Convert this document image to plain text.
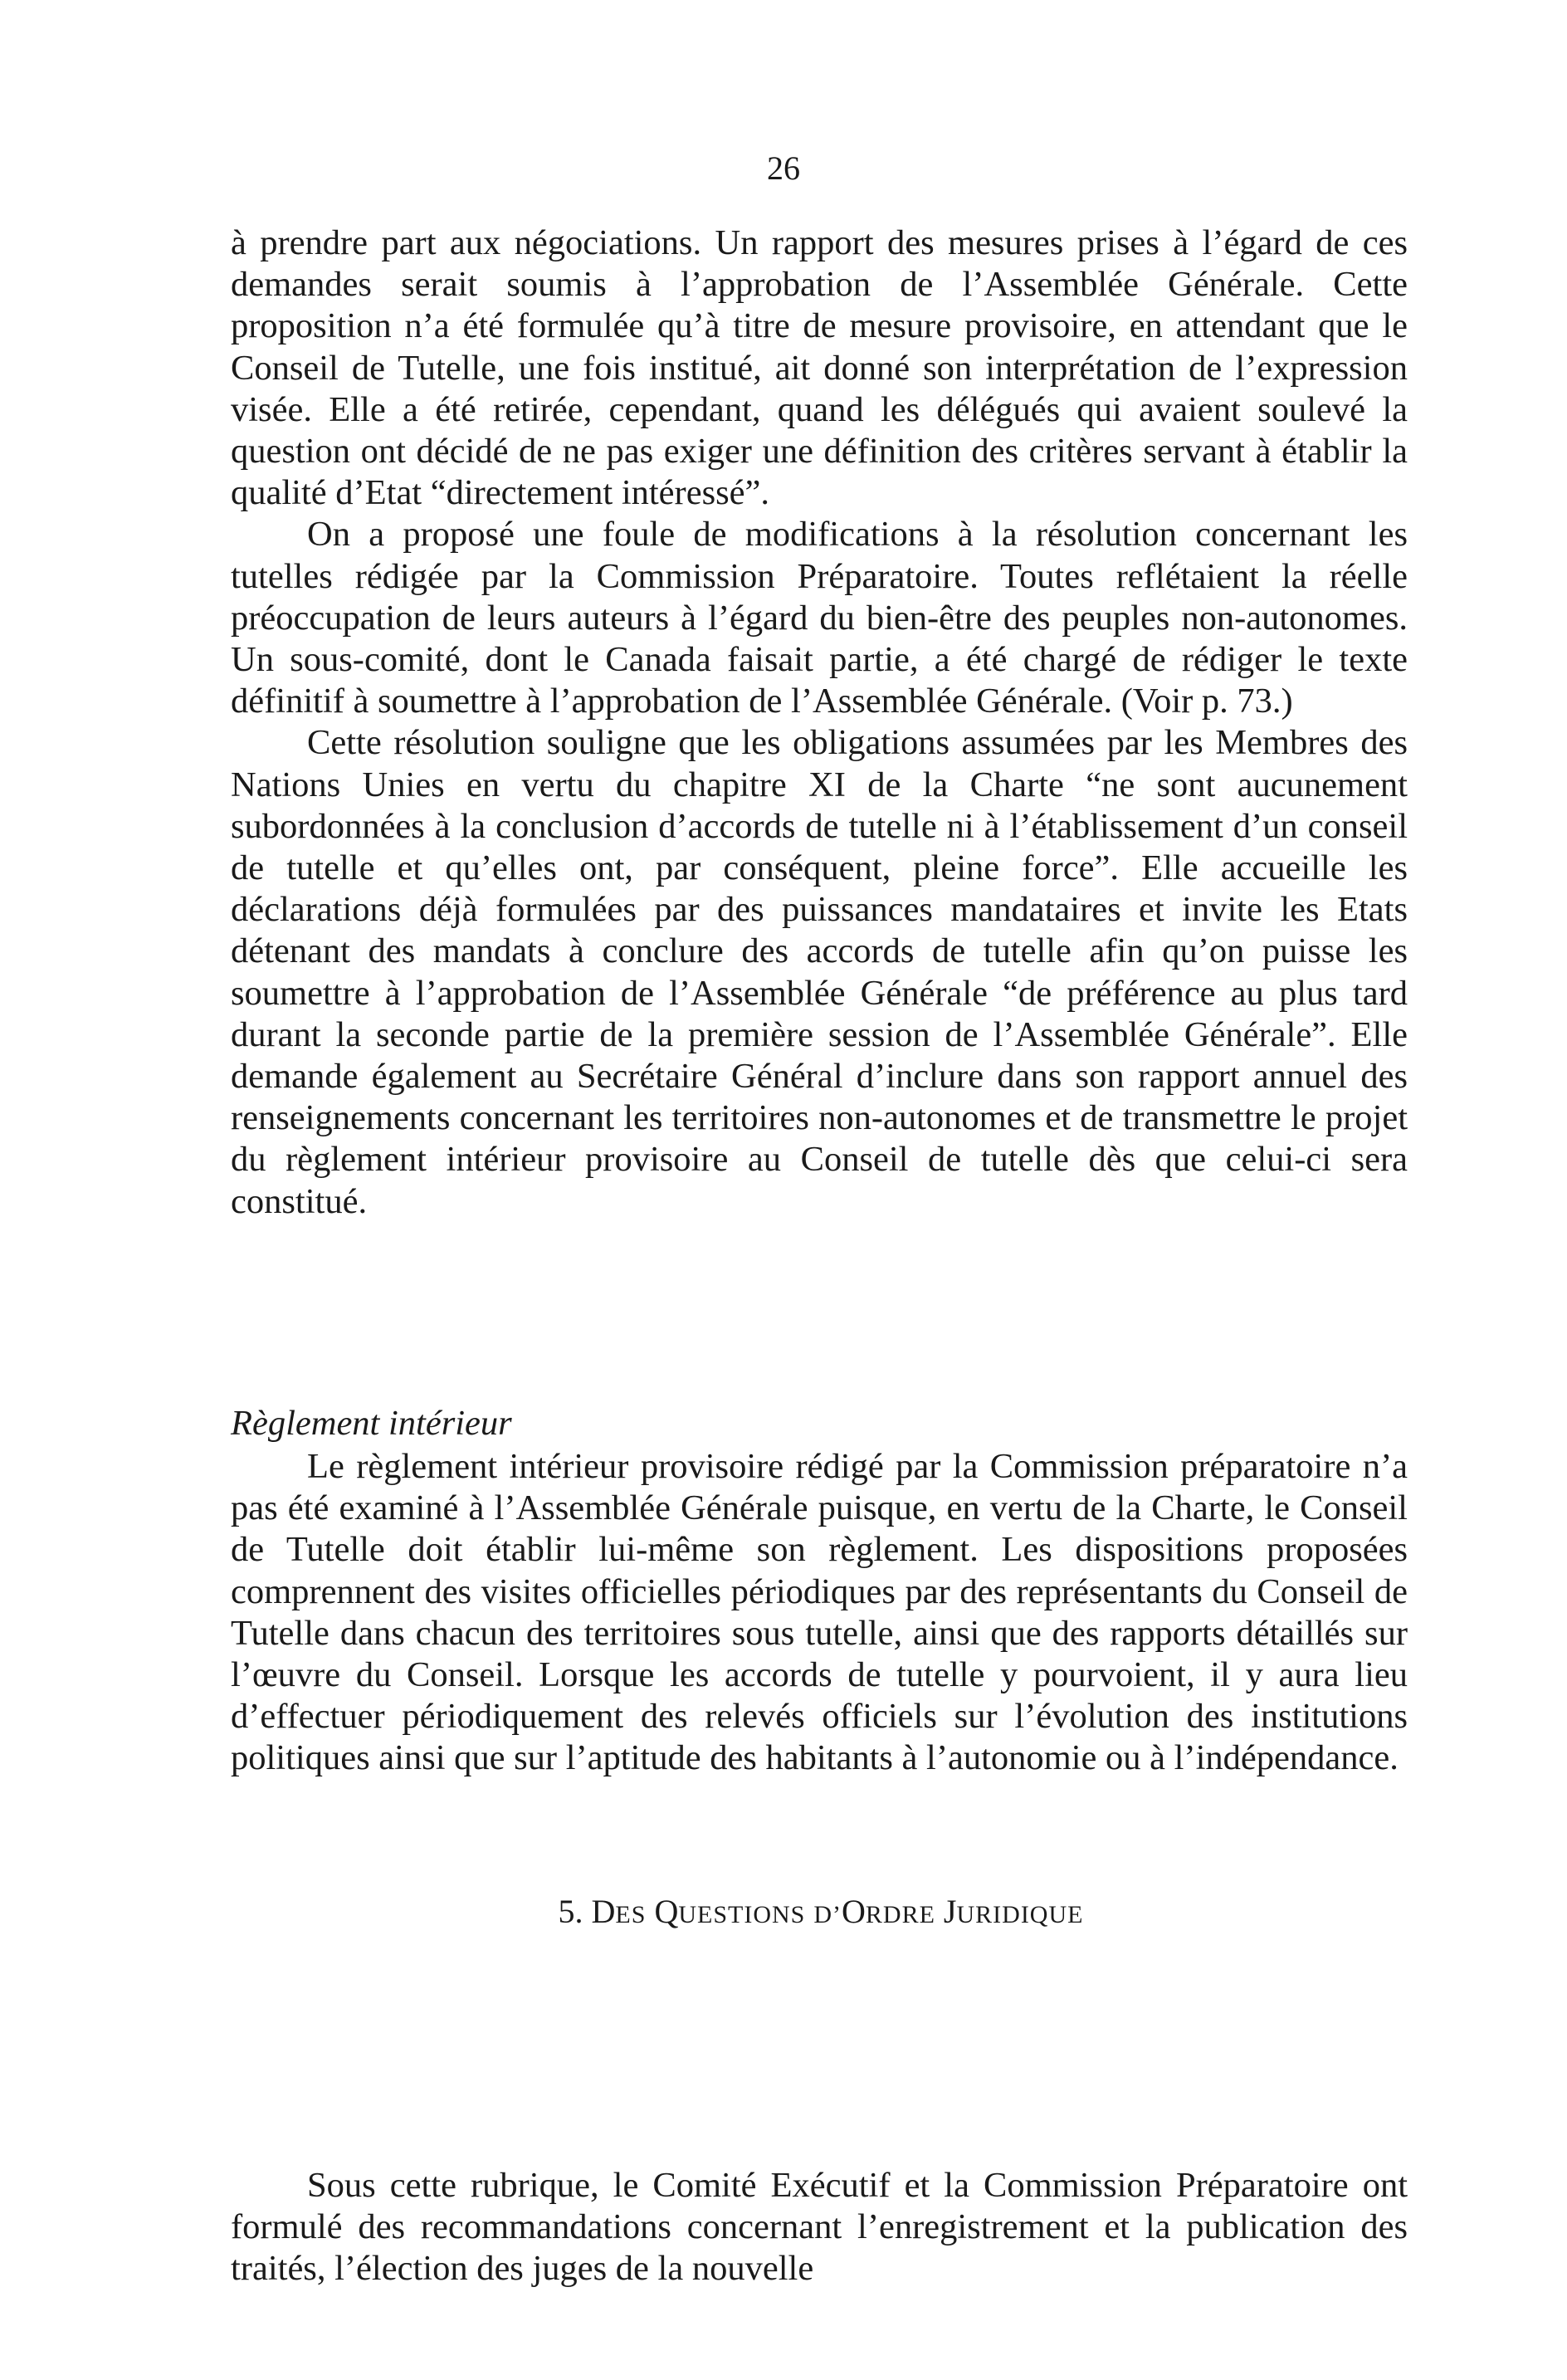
26

à prendre part aux négociations. Un rapport des mesures prises à l’égard de ces demandes serait soumis à l’approbation de l’Assemblée Générale. Cette proposition n’a été formulée qu’à titre de mesure provisoire, en attendant que le Conseil de Tutelle, une fois institué, ait donné son interprétation de l’expression visée. Elle a été retirée, cependant, quand les délégués qui avaient soulevé la question ont décidé de ne pas exiger une définition des critères servant à établir la qualité d’Etat “directement intéressé”.

On a proposé une foule de modifications à la résolution concernant les tutelles rédigée par la Commission Préparatoire. Toutes reflétaient la réelle préoccupation de leurs auteurs à l’égard du bien-être des peuples non-autonomes. Un sous-comité, dont le Canada faisait partie, a été chargé de rédiger le texte définitif à soumettre à l’approbation de l’Assemblée Générale. (Voir p. 73.)

Cette résolution souligne que les obligations assumées par les Membres des Nations Unies en vertu du chapitre XI de la Charte “ne sont aucunement subordonnées à la conclusion d’accords de tutelle ni à l’établissement d’un conseil de tutelle et qu’elles ont, par conséquent, pleine force”. Elle accueille les déclarations déjà formulées par des puissances mandataires et invite les Etats détenant des mandats à conclure des accords de tutelle afin qu’on puisse les soumettre à l’approbation de l’Assemblée Générale “de préférence au plus tard durant la seconde partie de la première session de l’Assemblée Générale”. Elle demande également au Secrétaire Général d’inclure dans son rapport annuel des renseignements concernant les territoires non-autonomes et de transmettre le projet du règlement intérieur provisoire au Conseil de tutelle dès que celui-ci sera constitué.

Règlement intérieur

Le règlement intérieur provisoire rédigé par la Commission préparatoire n’a pas été examiné à l’Assemblée Générale puisque, en vertu de la Charte, le Conseil de Tutelle doit établir lui-même son règlement. Les dispositions proposées comprennent des visites officielles périodiques par des représentants du Conseil de Tutelle dans chacun des territoires sous tutelle, ainsi que des rapports détaillés sur l’œuvre du Conseil. Lorsque les accords de tutelle y pourvoient, il y aura lieu d’effectuer périodiquement des relevés officiels sur l’évolution des institutions politiques ainsi que sur l’aptitude des habitants à l’autonomie ou à l’indépendance.

5. DES QUESTIONS D’ORDRE JURIDIQUE

Sous cette rubrique, le Comité Exécutif et la Commission Préparatoire ont formulé des recommandations concernant l’enregistrement et la publication des traités, l’élection des juges de la nouvelle
